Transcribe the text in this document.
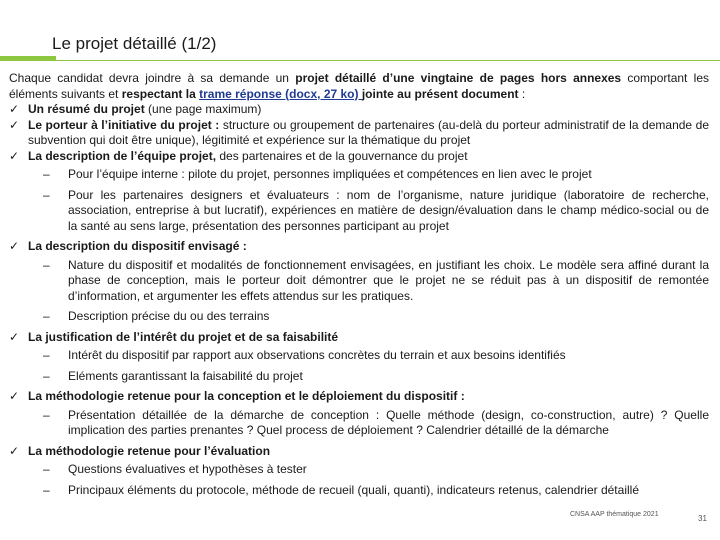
Le projet détaillé (1/2)

Chaque candidat devra joindre à sa demande un projet détaillé d’une vingtaine de pages hors annexes comportant les éléments suivants et respectant la trame réponse (docx, 27 ko) jointe au présent document :

✓ Un résumé du projet (une page maximum)
✓ Le porteur à l’initiative du projet : structure ou groupement de partenaires (au-delà du porteur administratif de la demande de subvention qui doit être unique), légitimité et expérience sur la thématique du projet
✓ La description de l’équipe projet, des partenaires et de la gouvernance du projet
– Pour l’équipe interne : pilote du projet, personnes impliquées et compétences en lien avec le projet
– Pour les partenaires designers et évaluateurs : nom de l’organisme, nature juridique (laboratoire de recherche, association, entreprise à but lucratif), expériences en matière de design/évaluation dans le champ médico-social ou de la santé au sens large, présentation des personnes participant au projet
✓ La description du dispositif envisagé :
– Nature du dispositif et modalités de fonctionnement envisagées, en justifiant les choix. Le modèle sera affiné durant la phase de conception, mais le porteur doit démontrer que le projet ne se réduit pas à un dispositif de remontée d’information, et argumenter les effets attendus sur les pratiques.
– Description précise du ou des terrains
✓ La justification de l’intérêt du projet et de sa faisabilité
– Intérêt du dispositif par rapport aux observations concrètes du terrain et aux besoins identifiés
– Eléments garantissant la faisabilité du projet
✓ La méthodologie retenue pour la conception et le déploiement du dispositif :
– Présentation détaillée de la démarche de conception : Quelle méthode (design, co-construction, autre) ? Quelle implication des parties prenantes ? Quel process de déploiement ? Calendrier détaillé de la démarche
✓ La méthodologie retenue pour l’évaluation
– Questions évaluatives et hypothèses à tester
– Principaux éléments du protocole, méthode de recueil (quali, quanti), indicateurs retenus, calendrier détaillé
CNSA AAP thématique 2021	31
